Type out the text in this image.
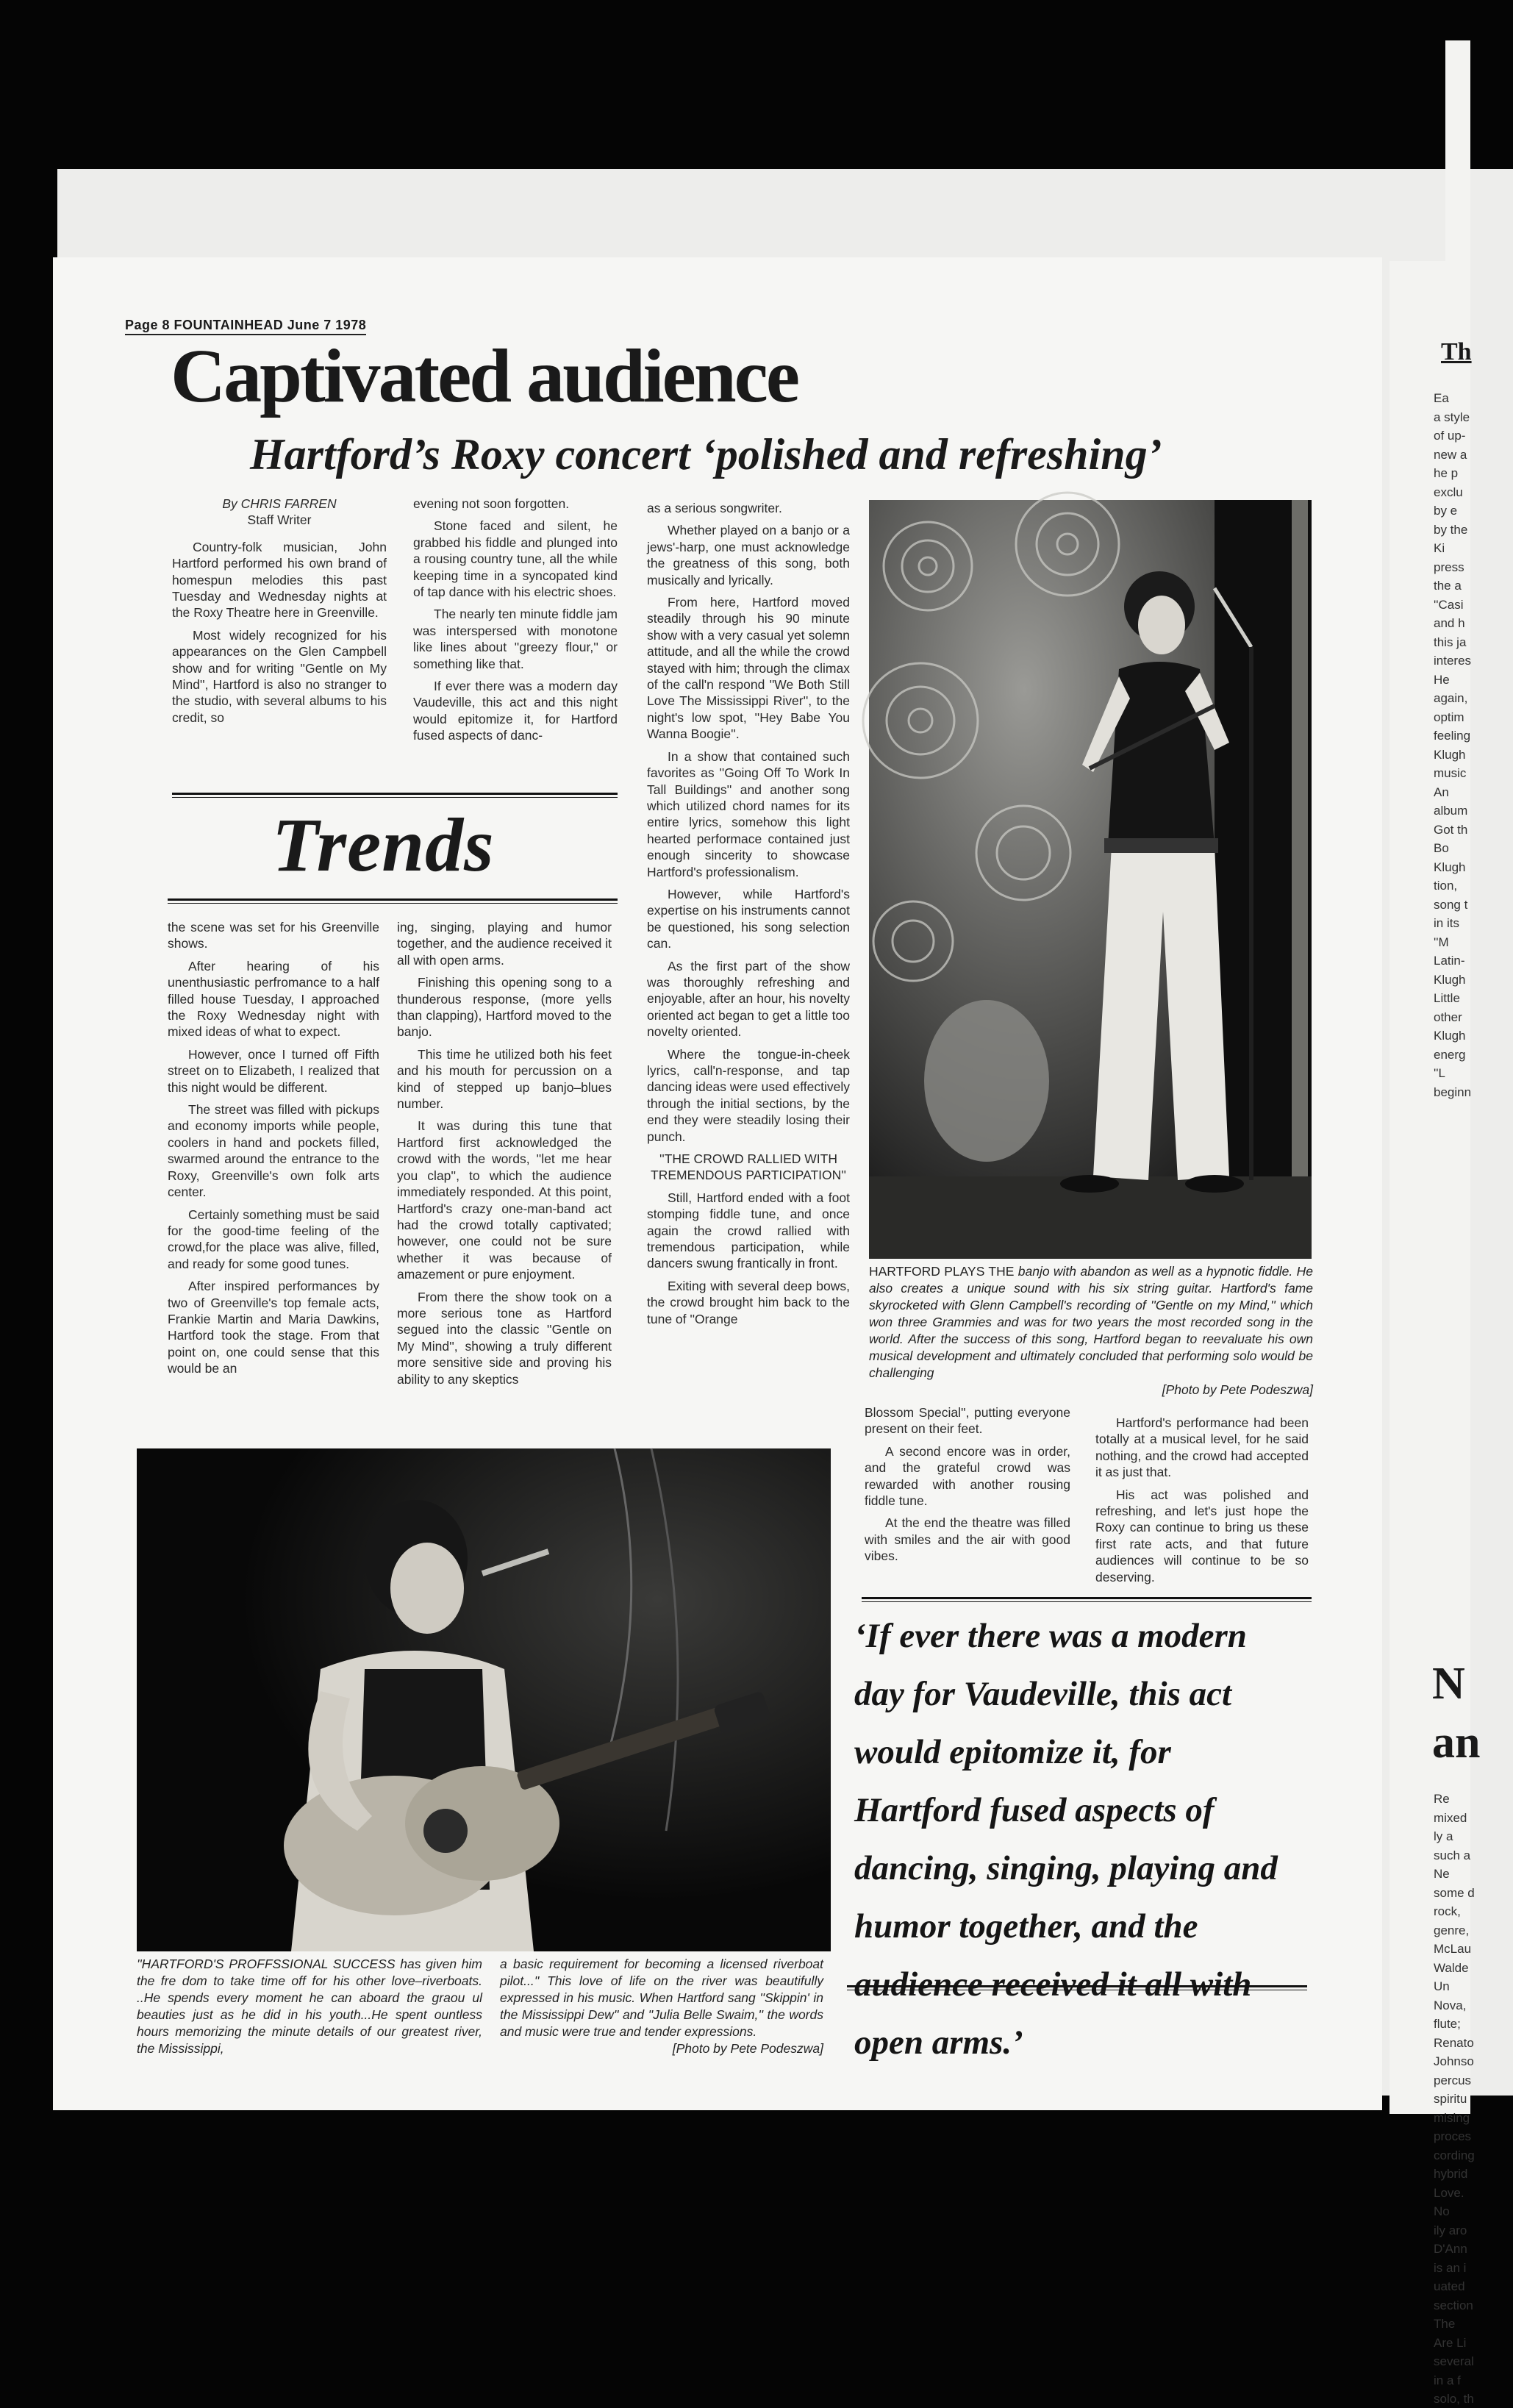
Th
Ea
a style
of up-
new a
he p
exclu
by e
by the
Ki
press
the a
''Casi
and h
this ja
interes
He
again,
optim
feeling
Klugh
music
An
album
Got th
Bo
Klugh
tion,
song t
in its
''M
Latin-
Klugh
Little
other
Klugh
energ
''L
beginn
Re
mixed
ly a
such a
Ne
some d
rock,
genre,
McLau
Walde
Un
Nova,
flute;
Renato
Johnso
percus
spiritu
mising
proces
cording
hybrid
Love.
No
ily aro
D'Ann
is an i
uated
section
The
Are Li
several
in a f
solo, th
N
an
Page 8 FOUNTAINHEAD June 7 1978
Captivated audience
Hartford’s Roxy concert ‘polished and refreshing’

By CHRIS FARREN

Staff Writer

Country-folk musician, John Hartford performed his own brand of homespun melodies this past Tuesday and Wednesday nights at the Roxy Theatre here in Greenville.

Most widely recognized for his appearances on the Glen Campbell show and for writing ''Gentle on My Mind'', Hartford is also no stranger to the studio, with several albums to his credit, so

evening not soon forgotten.

Stone faced and silent, he grabbed his fiddle and plunged into a rousing country tune, all the while keeping time in a syncopated kind of tap dance with his electric shoes.

The nearly ten minute fiddle jam was interspersed with monotone like lines about ''greezy flour,'' or something like that.

If ever there was a modern day Vaudeville, this act and this night would epitomize it, for Hartford fused aspects of danc-

Trends

the scene was set for his Greenville shows.

After hearing of his unenthusiastic perfromance to a half filled house Tuesday, I approached the Roxy Wednesday night with mixed ideas of what to expect.

However, once I turned off Fifth street on to Elizabeth, I realized that this night would be different.

The street was filled with pickups and economy imports while people, coolers in hand and pockets filled, swarmed around the entrance to the Roxy, Greenville's own folk arts center.

Certainly something must be said for the good-time feeling of the crowd,for the place was alive, filled, and ready for some good tunes.

After inspired performances by two of Greenville's top female acts, Frankie Martin and Maria Dawkins, Hartford took the stage. From that point on, one could sense that this would be an

ing, singing, playing and humor together, and the audience received it all with open arms.

Finishing this opening song to a thunderous response, (more yells than clapping), Hartford moved to the banjo.

This time he utilized both his feet and his mouth for percussion on a kind of stepped up banjo–blues number.

It was during this tune that Hartford first acknowledged the crowd with the words, ''let me hear you clap'', to which the audience immediately responded. At this point, Hartford's crazy one-man-band act had the crowd totally captivated; however, one could not be sure whether it was because of amazement or pure enjoyment.

From there the show took on a more serious tone as Hartford segued into the classic ''Gentle on My Mind'', showing a truly different more sensitive side and proving his ability to any skeptics

as a serious songwriter.

Whether played on a banjo or a jews'-harp, one must acknowledge the greatness of this song, both musically and lyrically.

From here, Hartford moved steadily through his 90 minute show with a very casual yet solemn attitude, and all the while the crowd stayed with him; through the climax of the call'n respond ''We Both Still Love The Mississippi River'', to the night's low spot, ''Hey Babe You Wanna Boogie''.

In a show that contained such favorites as ''Going Off To Work In Tall Buildings'' and another song which utilized chord names for its entire lyrics, somehow this light hearted performace contained just enough sincerity to showcase Hartford's professionalism.

However, while Hartford's expertise on his instruments cannot be questioned, his song selection can.

As the first part of the show was thoroughly refreshing and enjoyable, after an hour, his novelty oriented act began to get a little too novelty oriented.

Where the tongue-in-cheek lyrics, call'n-response, and tap dancing ideas were used effectively through the initial sections, by the end they were steadily losing their punch.

''THE CROWD RALLIED WITH TREMENDOUS PARTICIPATION''

Still, Hartford ended with a foot stomping fiddle tune, and once again the crowd rallied with tremendous participation, while dancers swung frantically in front.

Exiting with several deep bows, the crowd brought him back to the tune of ''Orange

HARTFORD PLAYS THE banjo with abandon as well as a hypnotic fiddle. He also creates a unique sound with his six string guitar. Hartford's fame skyrocketed with Glenn Campbell's recording of ''Gentle on my Mind,'' which won three Grammies and was for two years the most recorded song in the world. After the success of this song, Hartford began to reevaluate his own musical development and ultimately concluded that performing solo would be challenging
[Photo by Pete Podeszwa]

Blossom Special'', putting everyone present on their feet.

A second encore was in order, and the grateful crowd was rewarded with another rousing fiddle tune.

At the end the theatre was filled with smiles and the air with good vibes.

Hartford's performance had been totally at a musical level, for he said nothing, and the crowd had accepted it as just that.

His act was polished and refreshing, and let's just hope the Roxy can continue to bring us these first rate acts, and that future audiences will continue to be so deserving.

‘If ever there was a modern day for Vaudeville, this act would epitomize it, for Hartford fused aspects of dancing, singing, playing and humor together, and the audience received it all with open arms.’
''HARTFORD'S PROFFSSIONAL SUCCESS has given him the fre dom to take time off for his other love–riverboats. ..He spends every moment he can aboard the graou ul beauties just as he did in his youth...He spent ountless hours memorizing the minute details of our greatest river, the Mississippi,
a basic requirement for becoming a licensed riverboat pilot...'' This love of life on the river was beautifully expressed in his music. When Hartford sang ''Skippin' in the Mississippi Dew'' and ''Julia Belle Swaim,'' the words and music were true and tender expressions.
[Photo by Pete Podeszwa]
